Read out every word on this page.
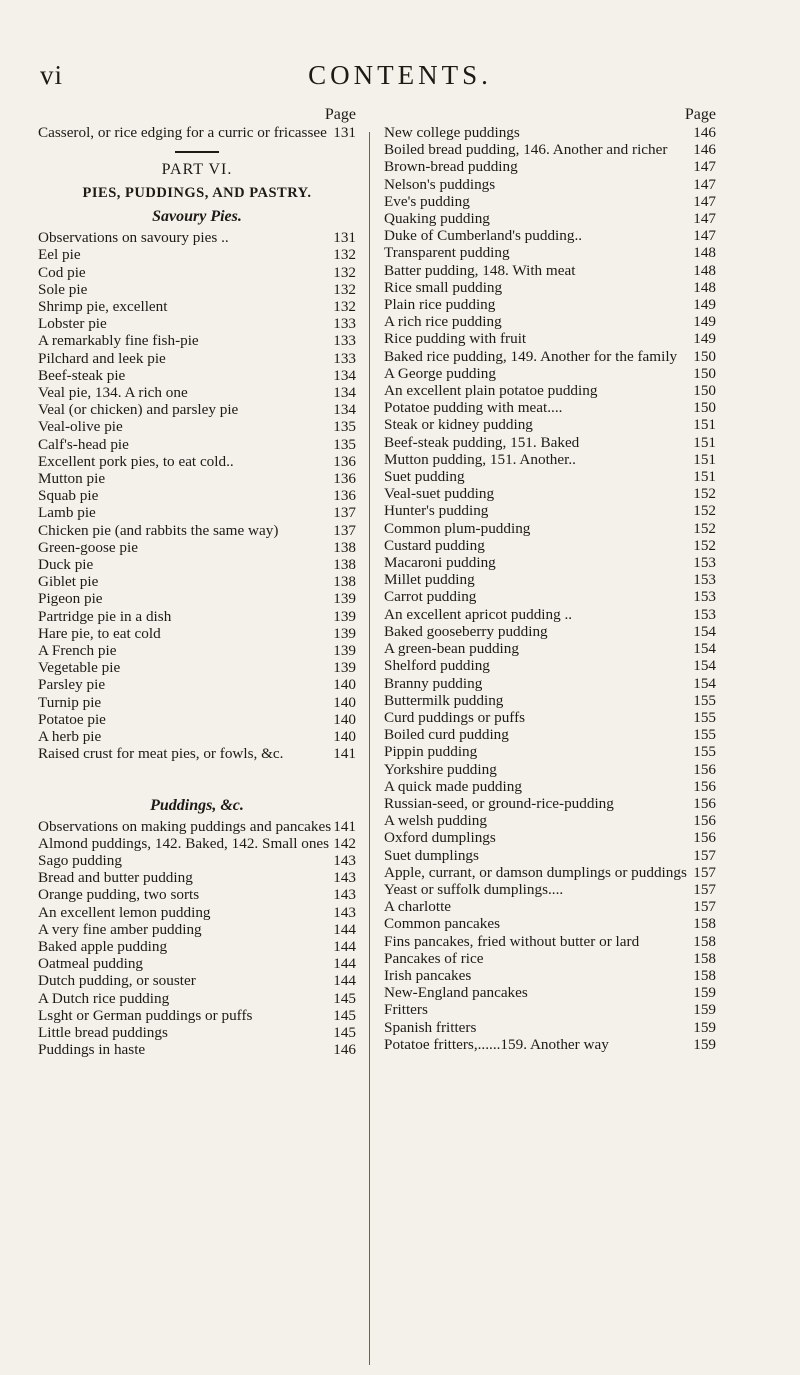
vi	CONTENTS.
Page
131
Casserol, or rice edging for a curric or fricassee
PART VI.
PIES, PUDDINGS, AND PASTRY.
Savoury Pies.
131
Observations on savoury pies ..
132
Eel pie
132
Cod pie
132
Sole pie
132
Shrimp pie, excellent
133
Lobster pie
133
A remarkably fine fish-pie
133
Pilchard and leek pie
134
Beef-steak pie
134
Veal pie, 134. A rich one
134
Veal (or chicken) and parsley pie
135
Veal-olive pie
135
Calf's-head pie
136
Excellent pork pies, to eat cold..
136
Mutton pie
136
Squab pie
137
Lamb pie
137
Chicken pie (and rabbits the same way)
138
Green-goose pie
138
Duck pie
138
Giblet pie
139
Pigeon pie
139
Partridge pie in a dish
139
Hare pie, to eat cold
139
A French pie
139
Vegetable pie
140
Parsley pie
140
Turnip pie
140
Potatoe pie
140
A herb pie
141
Raised crust for meat pies, or fowls, &c.
Puddings, &c.
141
Observations on making puddings and pancakes
142
Almond puddings, 142. Baked, 142. Small ones
143
Sago pudding
143
Bread and butter pudding
143
Orange pudding, two sorts
143
An excellent lemon pudding
144
A very fine amber pudding
144
Baked apple pudding
144
Oatmeal pudding
144
Dutch pudding, or souster
145
A Dutch rice pudding
145
Lsght or German puddings or puffs
145
Little bread puddings
146
Puddings in haste
Page
146
New college puddings
146
Boiled bread pudding, 146. Another and richer
147
Brown-bread pudding
147
Nelson's puddings
147
Eve's pudding
147
Quaking pudding
147
Duke of Cumberland's pudding..
148
Transparent pudding
148
Batter pudding, 148. With meat
148
Rice small pudding
149
Plain rice pudding
149
A rich rice pudding
149
Rice pudding with fruit
150
Baked rice pudding, 149. Another for the family
150
A George pudding
150
An excellent plain potatoe pudding
150
Potatoe pudding with meat....
151
Steak or kidney pudding
151
Beef-steak pudding, 151. Baked
151
Mutton pudding, 151. Another..
151
Suet pudding
152
Veal-suet pudding
152
Hunter's pudding
152
Common plum-pudding
152
Custard pudding
153
Macaroni pudding
153
Millet pudding
153
Carrot pudding
153
An excellent apricot pudding ..
154
Baked gooseberry pudding
154
A green-bean pudding
154
Shelford pudding
154
Branny pudding
155
Buttermilk pudding
155
Curd puddings or puffs
155
Boiled curd pudding
155
Pippin pudding
156
Yorkshire pudding
156
A quick made pudding
156
Russian-seed, or ground-rice-pudding
156
A welsh pudding
156
Oxford dumplings
157
Suet dumplings
157
Apple, currant, or damson dumplings or puddings
157
Yeast or suffolk dumplings....
157
A charlotte
158
Common pancakes
158
Fins pancakes, fried without butter or lard
158
Pancakes of rice
158
Irish pancakes
159
New-England pancakes
159
Fritters
159
Spanish fritters
159
Potatoe fritters,......159. Another way
